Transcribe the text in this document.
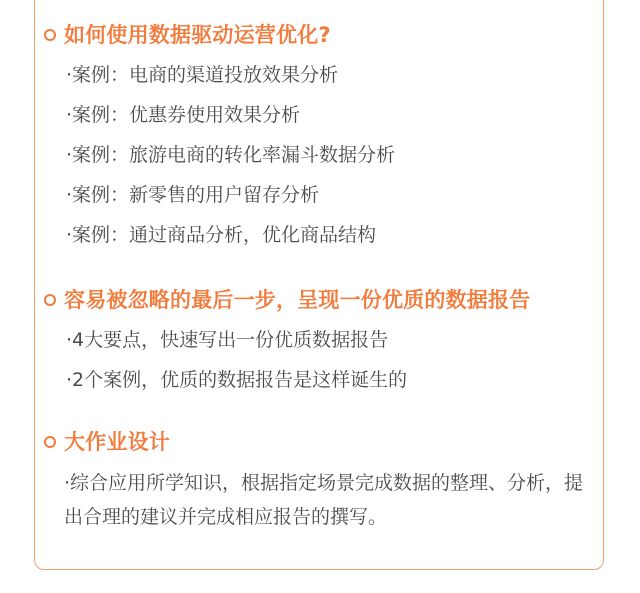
如何使用数据驱动运营优化?
·案例：电商的渠道投放效果分析
·案例：优惠券使用效果分析
·案例：旅游电商的转化率漏斗数据分析
·案例：新零售的用户留存分析
·案例：通过商品分析，优化商品结构
容易被忽略的最后一步，呈现一份优质的数据报告
·4大要点，快速写出一份优质数据报告
·2个案例，优质的数据报告是这样诞生的
大作业设计
·综合应用所学知识，根据指定场景完成数据的整理、分析，提出合理的建议并完成相应报告的撰写。
